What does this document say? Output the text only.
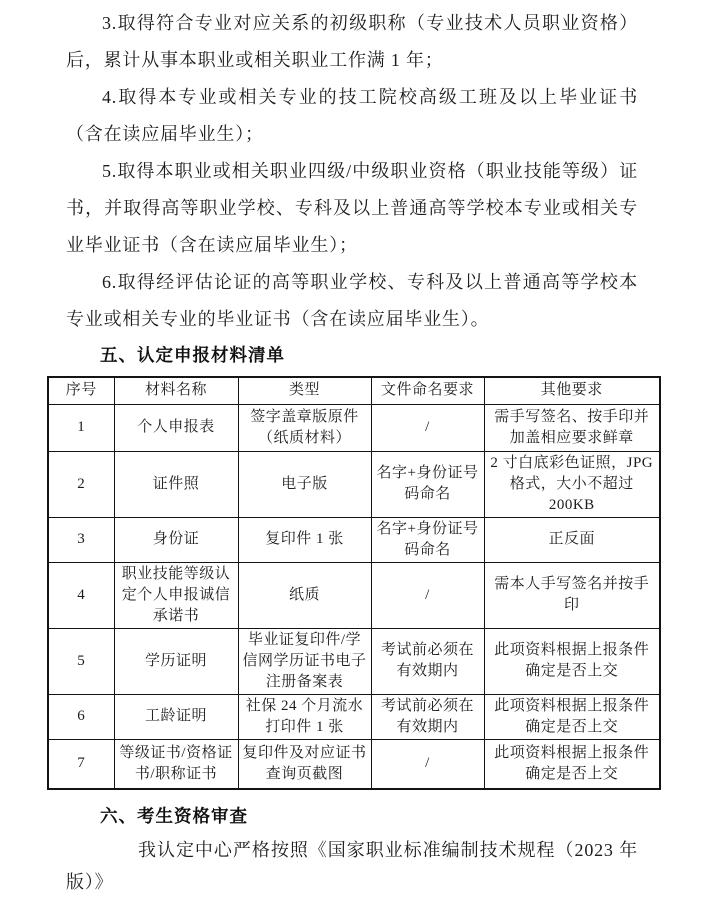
3.取得符合专业对应关系的初级职称（专业技术人员职业资格）后，累计从事本职业或相关职业工作满 1 年；

4.取得本专业或相关专业的技工院校高级工班及以上毕业证书（含在读应届毕业生）；

5.取得本职业或相关职业四级/中级职业资格（职业技能等级）证书，并取得高等职业学校、专科及以上普通高等学校本专业或相关专业毕业证书（含在读应届毕业生）；

6.取得经评估论证的高等职业学校、专科及以上普通高等学校本专业或相关专业的毕业证书（含在读应届毕业生）。

五、认定申报材料清单
序号	材料名称	类型	文件命名要求	其他要求
1	个人申报表	签字盖章版原件（纸质材料）	/	需手写签名、按手印并加盖相应要求鲜章
2	证件照	电子版	名字+身份证号码命名	2 寸白底彩色证照，JPG 格式，大小不超过 200KB
3	身份证	复印件 1 张	名字+身份证号码命名	正反面
4	职业技能等级认定个人申报诚信承诺书	纸质	/	需本人手写签名并按手印
5	学历证明	毕业证复印件/学信网学历证书电子注册备案表	考试前必须在有效期内	此项资料根据上报条件确定是否上交
6	工龄证明	社保 24 个月流水打印件 1 张	考试前必须在有效期内	此项资料根据上报条件确定是否上交
7	等级证书/资格证书/职称证书	复印件及对应证书查询页截图	/	此项资料根据上报条件确定是否上交
六、考生资格审查

我认定中心严格按照《国家职业标准编制技术规程（2023 年版）》
